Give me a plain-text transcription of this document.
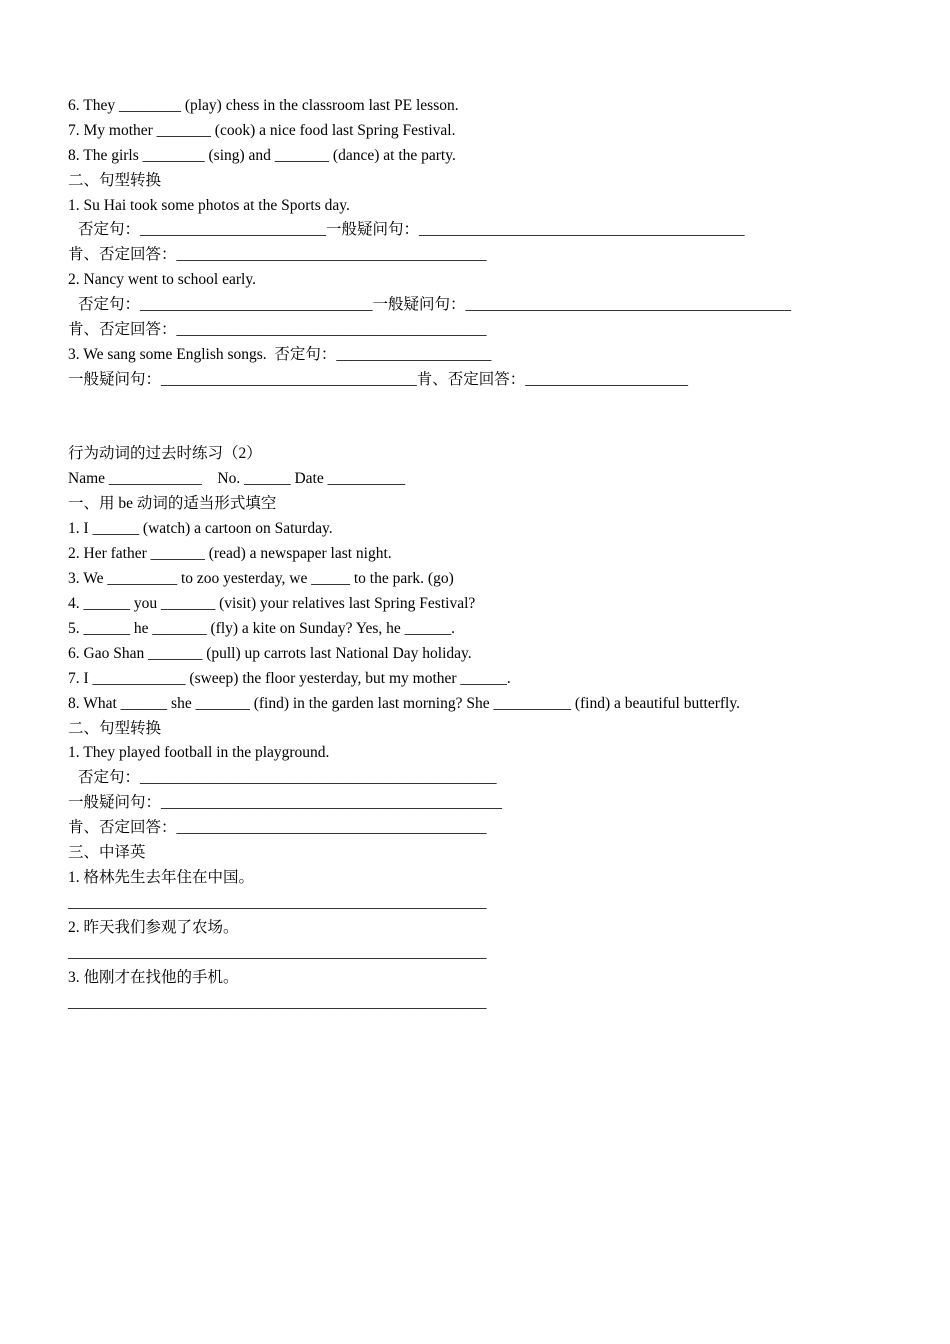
6. They ________ (play) chess in the classroom last PE lesson.
7. My mother _______ (cook) a nice food last Spring Festival.
8. The girls ________ (sing) and _______ (dance) at the party.
二、句型转换
1. Su Hai took some photos at the Sports day.
否定句：________________________一般疑问句：__________________________________________
肯、否定回答：________________________________________
2. Nancy went to school early.
否定句：______________________________一般疑问句：__________________________________________
肯、否定回答：________________________________________
3. We sang some English songs.  否定句：____________________
一般疑问句：_________________________________肯、否定回答：_____________________
行为动词的过去时练习（2）
Name ____________    No. ______ Date __________
一、用 be 动词的适当形式填空
1. I ______ (watch) a cartoon on Saturday.
2. Her father _______ (read) a newspaper last night.
3. We _________ to zoo yesterday, we _____ to the park. (go)
4. ______ you _______ (visit) your relatives last Spring Festival?
5. ______ he _______ (fly) a kite on Sunday? Yes, he ______.
6. Gao Shan _______ (pull) up carrots last National Day holiday.
7. I ____________ (sweep) the floor yesterday, but my mother ______.
8. What ______ she _______ (find) in the garden last morning? She __________ (find) a beautiful butterfly.
二、句型转换
1. They played football in the playground.
否定句：______________________________________________
一般疑问句：____________________________________________
肯、否定回答：________________________________________
三、中译英
1. 格林先生去年住在中国。
______________________________________________________
2. 昨天我们参观了农场。
______________________________________________________
3. 他刚才在找他的手机。
______________________________________________________
